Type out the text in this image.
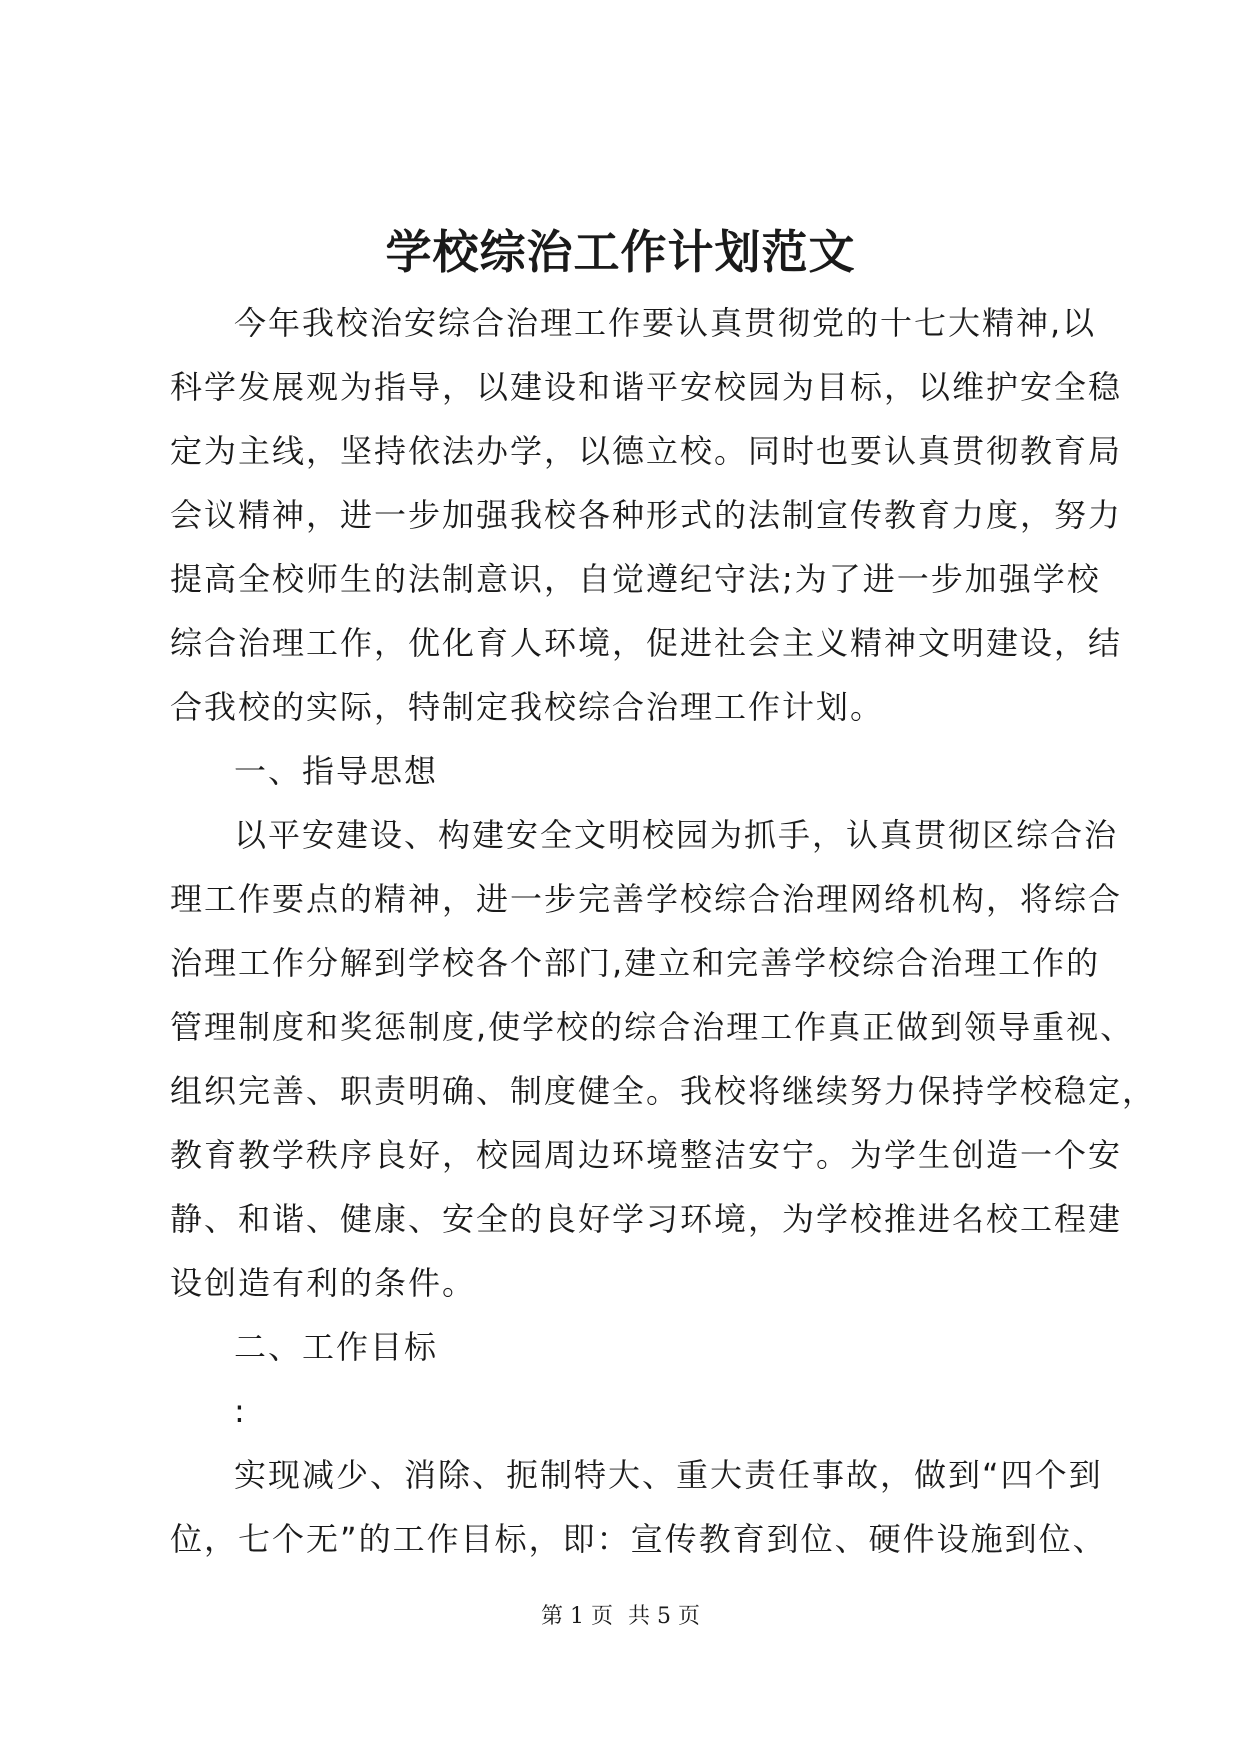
学校综治工作计划范文
今年我校治安综合治理工作要认真贯彻党的十七大精神,以
科学发展观为指导，以建设和谐平安校园为目标，以维护安全稳
定为主线，坚持依法办学，以德立校。同时也要认真贯彻教育局
会议精神，进一步加强我校各种形式的法制宣传教育力度，努力
提高全校师生的法制意识，自觉遵纪守法;为了进一步加强学校
综合治理工作，优化育人环境，促进社会主义精神文明建设，结
合我校的实际，特制定我校综合治理工作计划。
一、指导思想
以平安建设、构建安全文明校园为抓手，认真贯彻区综合治
理工作要点的精神，进一步完善学校综合治理网络机构，将综合
治理工作分解到学校各个部门,建立和完善学校综合治理工作的
管理制度和奖惩制度,使学校的综合治理工作真正做到领导重视、
组织完善、职责明确、制度健全。我校将继续努力保持学校稳定，
教育教学秩序良好，校园周边环境整洁安宁。为学生创造一个安
静、和谐、健康、安全的良好学习环境，为学校推进名校工程建
设创造有利的条件。
二、工作目标
:
实现减少、消除、扼制特大、重大责任事故，做到“四个到
位，七个无”的工作目标，即：宣传教育到位、硬件设施到位、
第 1 页 共 5 页
